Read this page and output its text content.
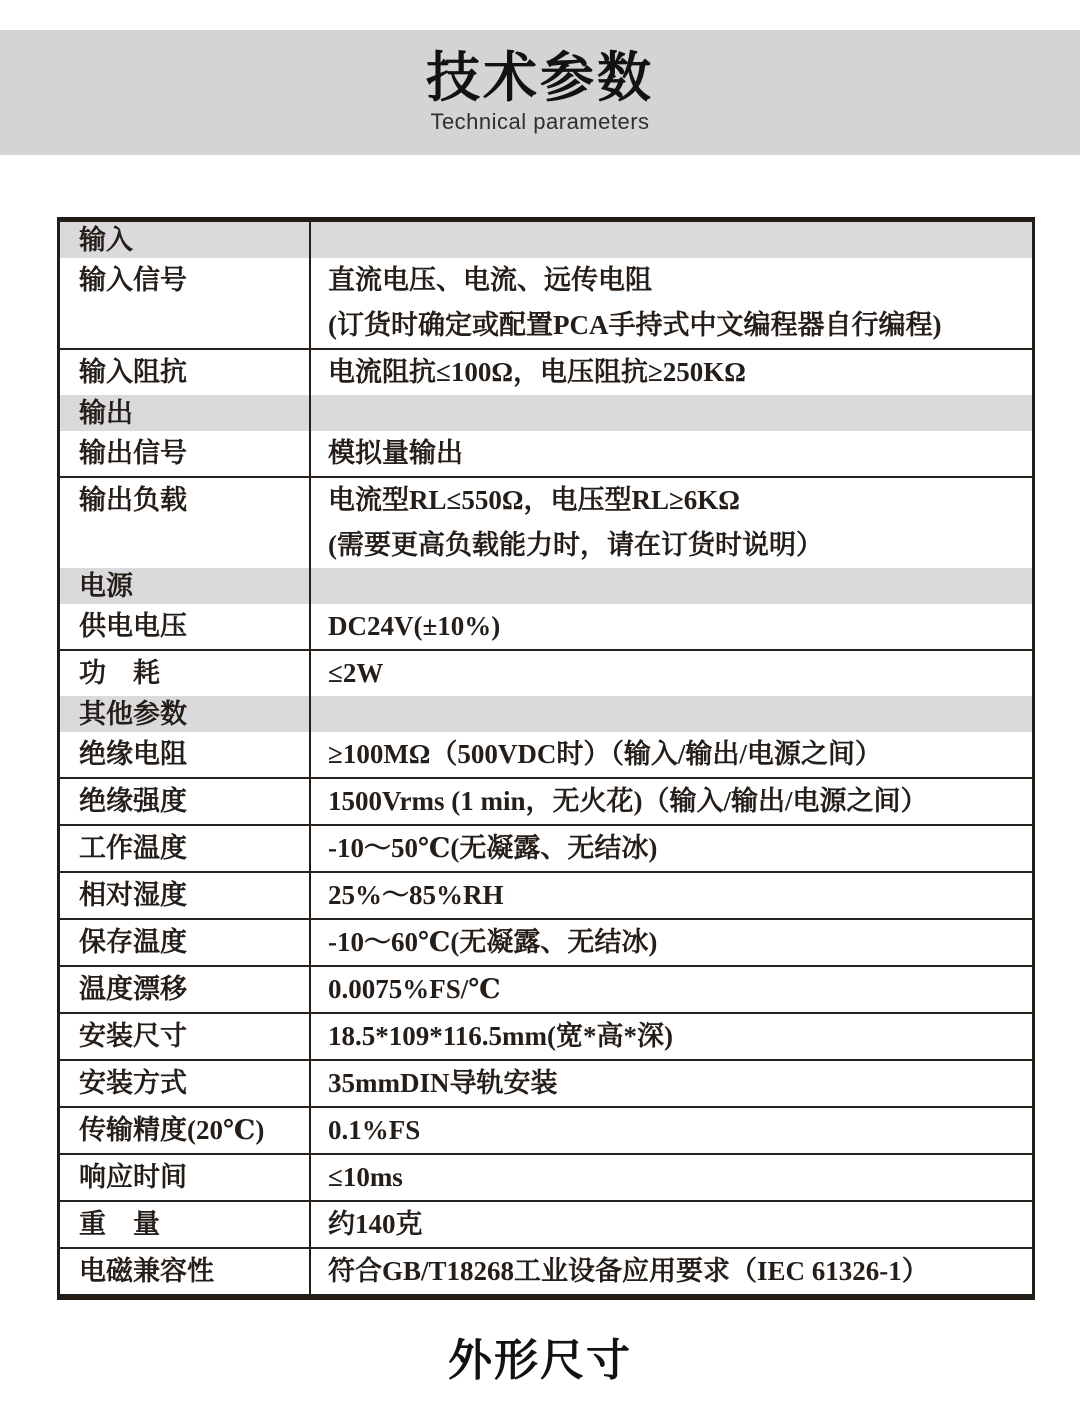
技术参数
Technical parameters
输入
输入信号	直流电压、电流、远传电阻
(订货时确定或配置PCA手持式中文编程器自行编程)
输入阻抗	电流阻抗≤100Ω，电压阻抗≥250KΩ
输出
输出信号	模拟量输出
输出负载	电流型RL≤550Ω，电压型RL≥6KΩ
(需要更高负载能力时，请在订货时说明）
电源
供电电压	DC24V(±10%)
功　耗	≤2W
其他参数
绝缘电阻	≥100MΩ（500VDC时）（输入/输出/电源之间）
绝缘强度	1500Vrms (1 min，无火花)（输入/输出/电源之间）
工作温度	-10～50℃(无凝露、无结冰)
相对湿度	25%～85%RH
保存温度	-10～60℃(无凝露、无结冰)
温度漂移	0.0075%FS/℃
安装尺寸	18.5*109*116.5mm(宽*高*深)
安装方式	35mmDIN导轨安装
传输精度(20℃)	0.1%FS
响应时间	≤10ms
重　量	约140克
电磁兼容性	符合GB/T18268工业设备应用要求（IEC 61326-1）
外形尺寸
